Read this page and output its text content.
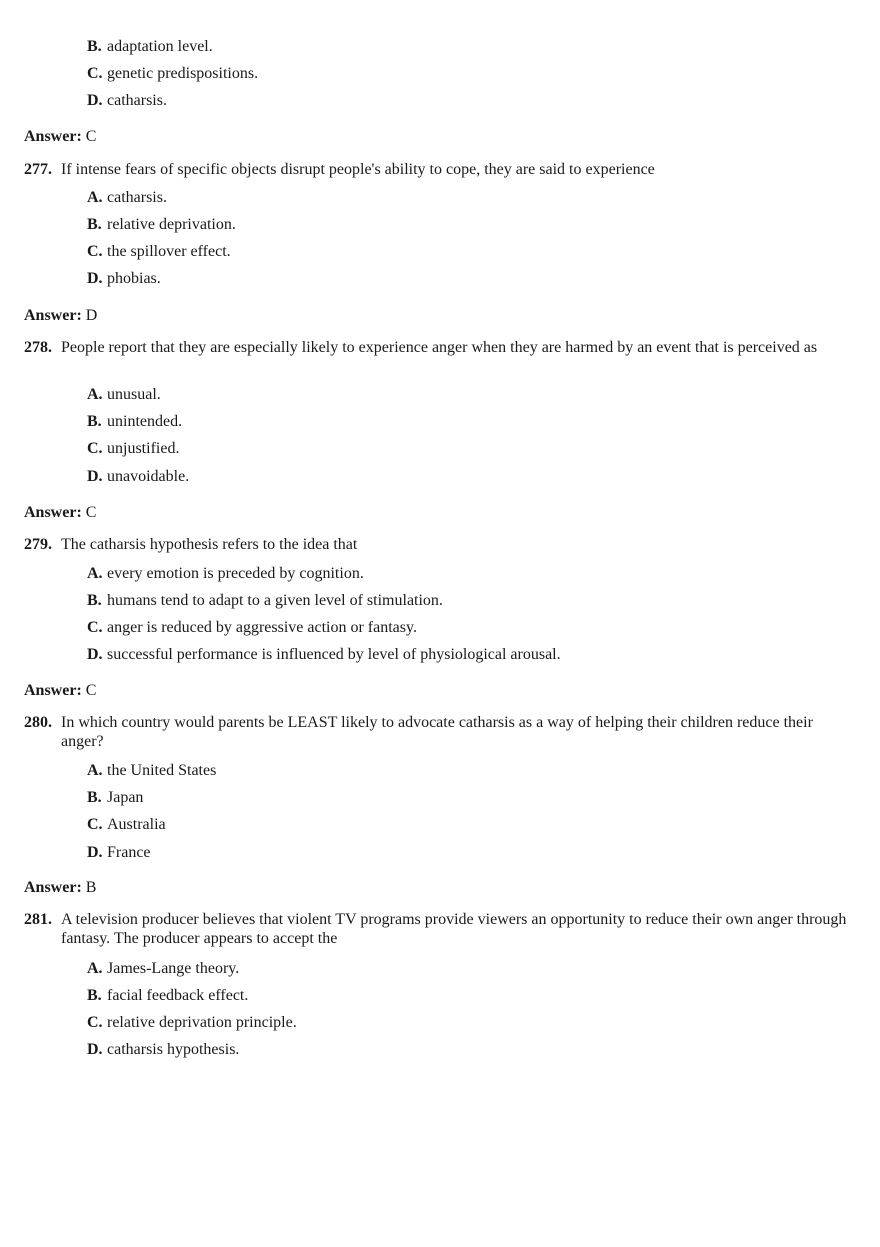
B. adaptation level.
C. genetic predispositions.
D. catharsis.
Answer: C
277. If intense fears of specific objects disrupt people's ability to cope, they are said to experience
A. catharsis.
B. relative deprivation.
C. the spillover effect.
D. phobias.
Answer: D
278. People report that they are especially likely to experience anger when they are harmed by an event that is perceived as
A. unusual.
B. unintended.
C. unjustified.
D. unavoidable.
Answer: C
279. The catharsis hypothesis refers to the idea that
A. every emotion is preceded by cognition.
B. humans tend to adapt to a given level of stimulation.
C. anger is reduced by aggressive action or fantasy.
D. successful performance is influenced by level of physiological arousal.
Answer: C
280. In which country would parents be LEAST likely to advocate catharsis as a way of helping their children reduce their anger?
A. the United States
B. Japan
C. Australia
D. France
Answer: B
281. A television producer believes that violent TV programs provide viewers an opportunity to reduce their own anger through fantasy. The producer appears to accept the
A. James-Lange theory.
B. facial feedback effect.
C. relative deprivation principle.
D. catharsis hypothesis.
